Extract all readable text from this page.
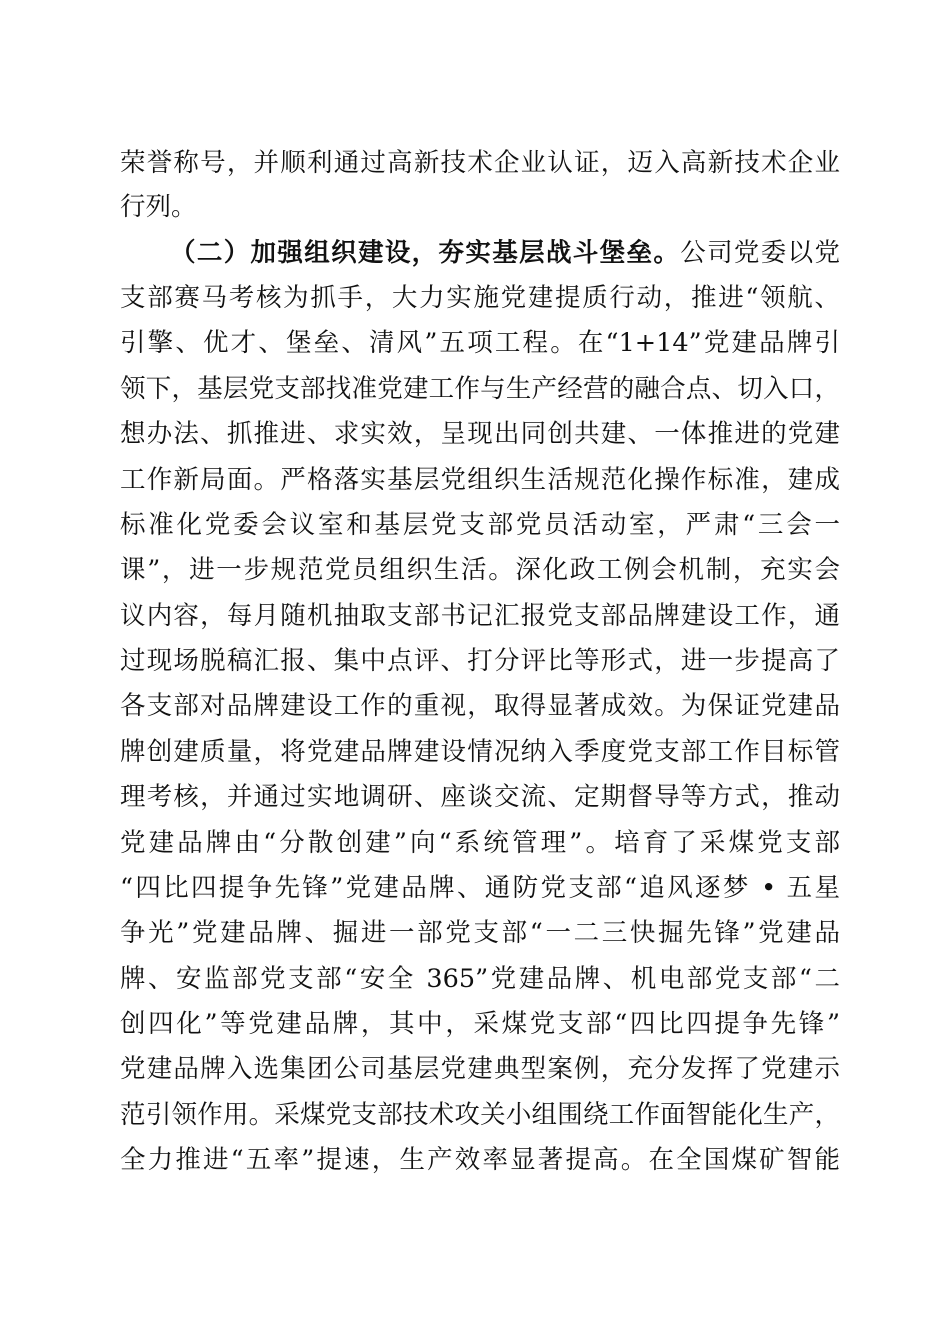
荣誉称号，并顺利通过高新技术企业认证，迈入高新技术企业
行列。
（二）加强组织建设，夯实基层战斗堡垒。公司党委以党
支部赛马考核为抓手，大力实施党建提质行动，推进“领航、
引擎、优才、堡垒、清风”五项工程。在“1+14”党建品牌引
领下，基层党支部找准党建工作与生产经营的融合点、切入口，
想办法、抓推进、求实效，呈现出同创共建、一体推进的党建
工作新局面。严格落实基层党组织生活规范化操作标准，建成
标准化党委会议室和基层党支部党员活动室，严肃“三会一
课”，进一步规范党员组织生活。深化政工例会机制，充实会
议内容，每月随机抽取支部书记汇报党支部品牌建设工作，通
过现场脱稿汇报、集中点评、打分评比等形式，进一步提高了
各支部对品牌建设工作的重视，取得显著成效。为保证党建品
牌创建质量，将党建品牌建设情况纳入季度党支部工作目标管
理考核，并通过实地调研、座谈交流、定期督导等方式，推动
党建品牌由“分散创建”向“系统管理”。培育了采煤党支部
“四比四提争先锋”党建品牌、通防党支部“追风逐梦 • 五星
争光”党建品牌、掘进一部党支部“一二三快掘先锋”党建品
牌、安监部党支部“安全 365”党建品牌、机电部党支部“二
创四化”等党建品牌，其中，采煤党支部“四比四提争先锋”
党建品牌入选集团公司基层党建典型案例，充分发挥了党建示
范引领作用。采煤党支部技术攻关小组围绕工作面智能化生产，
全力推进“五率”提速，生产效率显著提高。在全国煤矿智能
